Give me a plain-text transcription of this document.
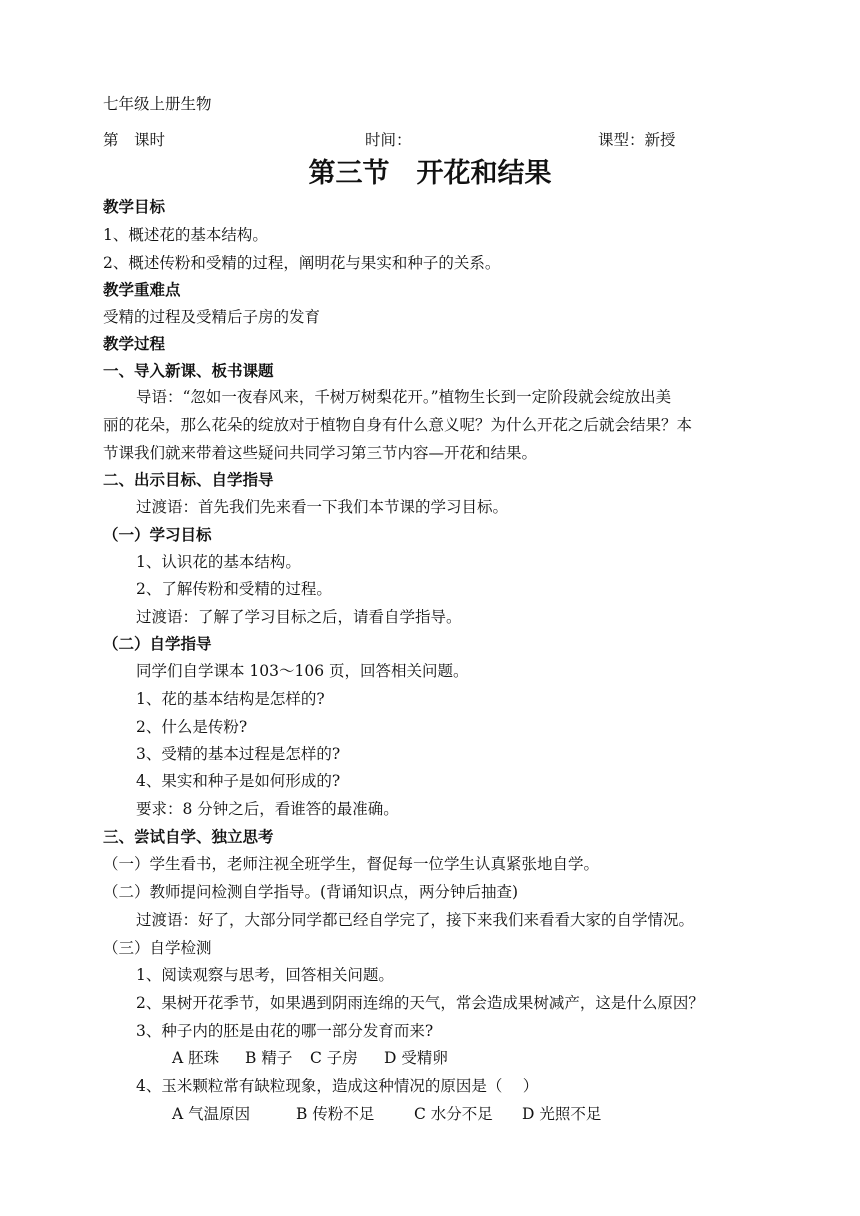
七年级上册生物
第　课时	时间：	课型：新授
第三节　开花和结果
教学目标
1、概述花的基本结构。
2、概述传粉和受精的过程，阐明花与果实和种子的关系。
教学重难点
受精的过程及受精后子房的发育
教学过程
一、导入新课、板书课题
导语：“忽如一夜春风来，千树万树梨花开。”植物生长到一定阶段就会绽放出美
丽的花朵，那么花朵的绽放对于植物自身有什么意义呢？为什么开花之后就会结果？本
节课我们就来带着这些疑问共同学习第三节内容—开花和结果。
二、出示目标、自学指导
过渡语：首先我们先来看一下我们本节课的学习目标。
（一）学习目标
1、认识花的基本结构。
2、了解传粉和受精的过程。
过渡语：了解了学习目标之后，请看自学指导。
（二）自学指导
同学们自学课本 103～106 页，回答相关问题。
1、花的基本结构是怎样的?
2、什么是传粉?
3、受精的基本过程是怎样的?
4、果实和种子是如何形成的?
要求：8 分钟之后，看谁答的最准确。
三、尝试自学、独立思考
（一）学生看书，老师注视全班学生，督促每一位学生认真紧张地自学。
（二）教师提问检测自学指导。(背诵知识点，两分钟后抽查)
过渡语：好了，大部分同学都已经自学完了，接下来我们来看看大家的自学情况。
（三）自学检测
1、阅读观察与思考，回答相关问题。
2、果树开花季节，如果遇到阴雨连绵的天气，常会造成果树减产，这是什么原因？
3、种子内的胚是由花的哪一部分发育而来?
A 胚珠 B 精子 C 子房 D 受精卵
4、玉米颗粒常有缺粒现象，造成这种情况的原因是（　 ）
A 气温原因	B 传粉不足	C 水分不足 D 光照不足
